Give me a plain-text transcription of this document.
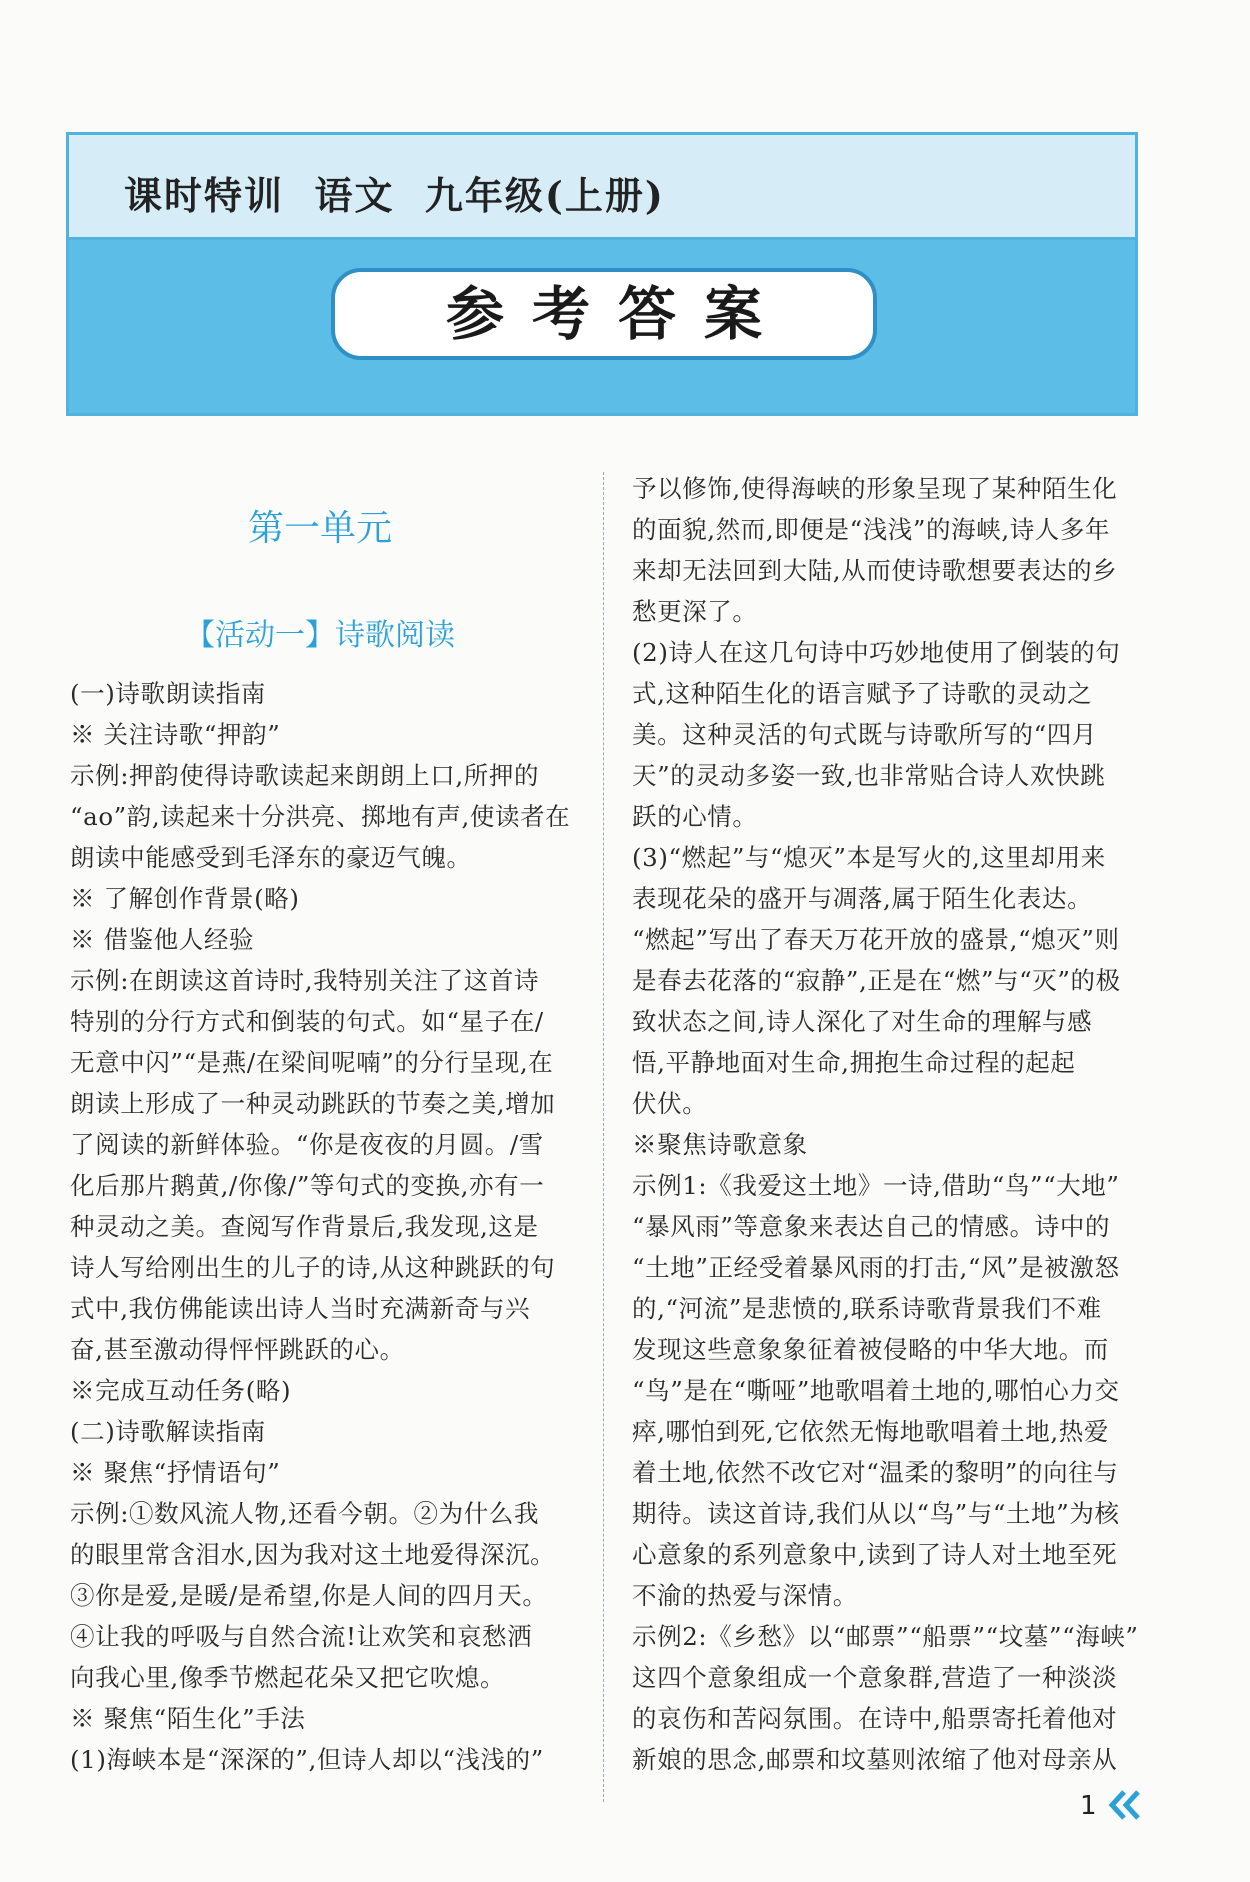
课时特训  语文  九年级(上册)
参考答案
第一单元
【活动一】诗歌阅读
(一)诗歌朗读指南
※ 关注诗歌“押韵”
示例:押韵使得诗歌读起来朗朗上口,所押的
“ao”韵,读起来十分洪亮、掷地有声,使读者在
朗读中能感受到毛泽东的豪迈气魄。
※ 了解创作背景(略)
※ 借鉴他人经验
示例:在朗读这首诗时,我特别关注了这首诗
特别的分行方式和倒装的句式。如“星子在/
无意中闪”“是燕/在梁间呢喃”的分行呈现,在
朗读上形成了一种灵动跳跃的节奏之美,增加
了阅读的新鲜体验。“你是夜夜的月圆。/雪
化后那片鹅黄,/你像/”等句式的变换,亦有一
种灵动之美。查阅写作背景后,我发现,这是
诗人写给刚出生的儿子的诗,从这种跳跃的句
式中,我仿佛能读出诗人当时充满新奇与兴
奋,甚至激动得怦怦跳跃的心。
※完成互动任务(略)
(二)诗歌解读指南
※ 聚焦“抒情语句”
示例:①数风流人物,还看今朝。②为什么我
的眼里常含泪水,因为我对这土地爱得深沉。
③你是爱,是暖/是希望,你是人间的四月天。
④让我的呼吸与自然合流!让欢笑和哀愁洒
向我心里,像季节燃起花朵又把它吹熄。
※ 聚焦“陌生化”手法
(1)海峡本是“深深的”,但诗人却以“浅浅的”
予以修饰,使得海峡的形象呈现了某种陌生化
的面貌,然而,即便是“浅浅”的海峡,诗人多年
来却无法回到大陆,从而使诗歌想要表达的乡
愁更深了。
(2)诗人在这几句诗中巧妙地使用了倒装的句
式,这种陌生化的语言赋予了诗歌的灵动之
美。这种灵活的句式既与诗歌所写的“四月
天”的灵动多姿一致,也非常贴合诗人欢快跳
跃的心情。
(3)“燃起”与“熄灭”本是写火的,这里却用来
表现花朵的盛开与凋落,属于陌生化表达。
“燃起”写出了春天万花开放的盛景,“熄灭”则
是春去花落的“寂静”,正是在“燃”与“灭”的极
致状态之间,诗人深化了对生命的理解与感
悟,平静地面对生命,拥抱生命过程的起起
伏伏。
※聚焦诗歌意象
示例1:《我爱这土地》一诗,借助“鸟”“大地”
“暴风雨”等意象来表达自己的情感。诗中的
“土地”正经受着暴风雨的打击,“风”是被激怒
的,“河流”是悲愤的,联系诗歌背景我们不难
发现这些意象象征着被侵略的中华大地。而
“鸟”是在“嘶哑”地歌唱着土地的,哪怕心力交
瘁,哪怕到死,它依然无悔地歌唱着土地,热爱
着土地,依然不改它对“温柔的黎明”的向往与
期待。读这首诗,我们从以“鸟”与“土地”为核
心意象的系列意象中,读到了诗人对土地至死
不渝的热爱与深情。
示例2:《乡愁》以“邮票”“船票”“坟墓”“海峡”
这四个意象组成一个意象群,营造了一种淡淡
的哀伤和苦闷氛围。在诗中,船票寄托着他对
新娘的思念,邮票和坟墓则浓缩了他对母亲从
1
